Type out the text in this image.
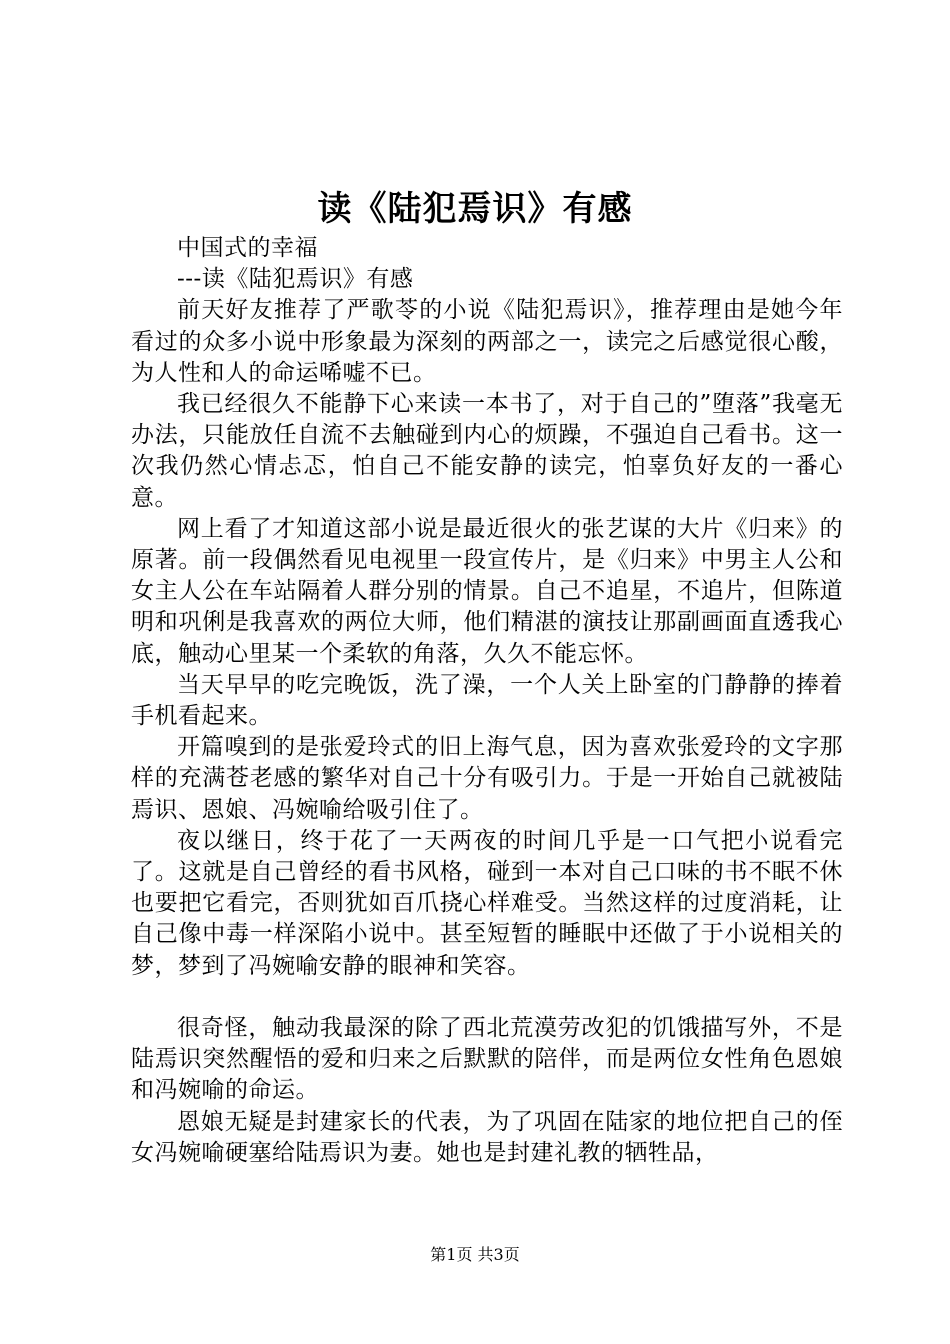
读《陆犯焉识》有感

中国式的幸福

---读《陆犯焉识》有感

前天好友推荐了严歌苓的小说《陆犯焉识》，推荐理由是她今年看过的众多小说中形象最为深刻的两部之一，读完之后感觉很心酸，为人性和人的命运唏嘘不已。

我已经很久不能静下心来读一本书了，对于自己的”堕落”我毫无办法，只能放任自流不去触碰到内心的烦躁，不强迫自己看书。这一次我仍然心情忐忑，怕自己不能安静的读完，怕辜负好友的一番心意。

网上看了才知道这部小说是最近很火的张艺谋的大片《归来》的原著。前一段偶然看见电视里一段宣传片，是《归来》中男主人公和女主人公在车站隔着人群分别的情景。自己不追星，不追片，但陈道明和巩俐是我喜欢的两位大师，他们精湛的演技让那副画面直透我心底，触动心里某一个柔软的角落，久久不能忘怀。

当天早早的吃完晚饭，洗了澡，一个人关上卧室的门静静的捧着手机看起来。

开篇嗅到的是张爱玲式的旧上海气息，因为喜欢张爱玲的文字那样的充满苍老感的繁华对自己十分有吸引力。于是一开始自己就被陆焉识、恩娘、冯婉喻给吸引住了。

夜以继日，终于花了一天两夜的时间几乎是一口气把小说看完了。这就是自己曾经的看书风格，碰到一本对自己口味的书不眠不休也要把它看完，否则犹如百爪挠心样难受。当然这样的过度消耗，让自己像中毒一样深陷小说中。甚至短暂的睡眠中还做了于小说相关的梦，梦到了冯婉喻安静的眼神和笑容。

很奇怪，触动我最深的除了西北荒漠劳改犯的饥饿描写外，不是陆焉识突然醒悟的爱和归来之后默默的陪伴，而是两位女性角色恩娘和冯婉喻的命运。

恩娘无疑是封建家长的代表，为了巩固在陆家的地位把自己的侄女冯婉喻硬塞给陆焉识为妻。她也是封建礼教的牺牲品，

第1页 共3页
